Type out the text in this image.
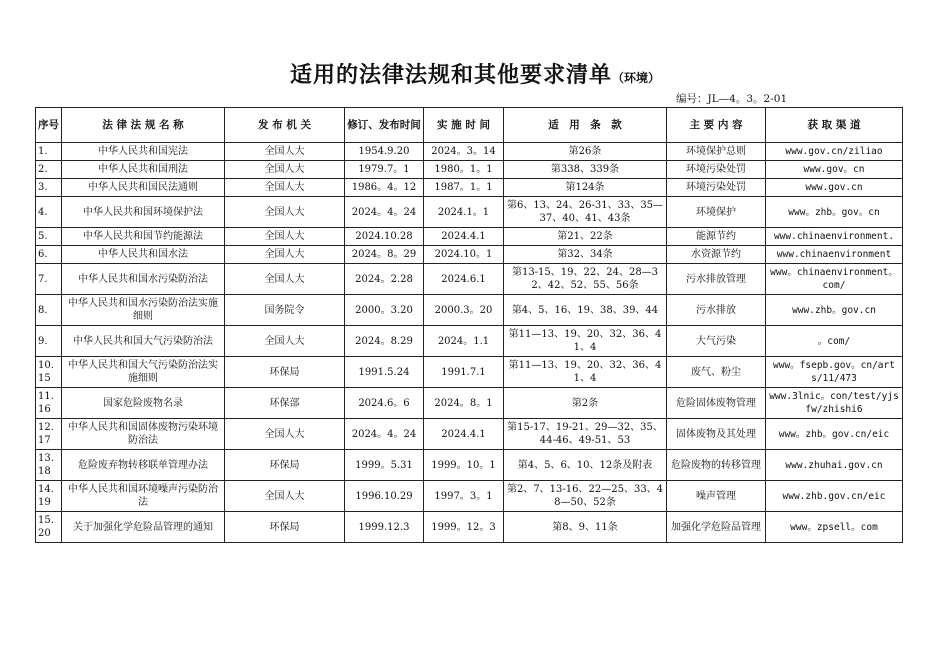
适用的法律法规和其他要求清单（环境）
编号：JL—4。3。2-01
序号	法 律 法 规 名 称	发 布 机 关	修订、发布时间	实 施 时 间	适　用　条　款	主 要 内 容	获 取 渠 道
1.	中华人民共和国宪法	全国人大	1954.9.20	2024。3。14	第26条	环境保护总则	www.gov.cn/ziliao
2.	中华人民共和国刑法	全国人大	1979.7。1	1980。1。1	第338、339条	环境污染处罚	www.gov。cn
3.	中华人民共和国民法通则	全国人大	1986。4。12	1987。1。1	第124条	环境污染处罚	www.gov.cn
4.	中华人民共和国环境保护法	全国人大	2024。4。24	2024.1。1	第6、13、24、26-31、33、35—37、40、41、43条	环境保护	www。zhb。gov。cn
5.	中华人民共和国节约能源法	全国人大	2024.10.28	2024.4.1	第21、22条	能源节约	www.chinaenvironment.
6.	中华人民共和国水法	全国人大	2024。8。29	2024.10。1	第32、34条	水资源节约	www.chinaenvironment
7.	中华人民共和国水污染防治法	全国人大	2024。2.28	2024.6.1	第13-15、19、22、24、28—32、42、52、55、56条	污水排放管理	www。chinaenvironment。com/
8.	中华人民共和国水污染防治法实施细则	国务院令	2000。3.20	2000.3。20	第4、5、16、19、38、39、44	污水排放	www.zhb。gov.cn
9.	中华人民共和国大气污染防治法	全国人大	2024。8.29	2024。1.1	第11—13、19、20、32、36、41、4	大气污染	。com/
10.15	中华人民共和国大气污染防治法实施细则	环保局	1991.5.24	1991.7.1	第11—13、19、20、32、36、41、4	废气、粉尘	www。fsepb.gov。cn/arts/11/473
11.16	国家危险废物名录	环保部	2024.6。6	2024。8。1	第2条	危险固体废物管理	www.3lnic。con/test/yjsfw/zhishi6
12.17	中华人民共和国固体废物污染环境防治法	全国人大	2024。4。24	2024.4.1	第15-17、19-21、29—32、35、44-46、49-51、53	固体废物及其处理	www。zhb。gov.cn/eic
13.18	危险废弃物转移联单管理办法	环保局	1999。5.31	1999。10。1	第4、5、6、10、12条及附表	危险废物的转移管理	www.zhuhai.gov.cn
14.19	中华人民共和国环境噪声污染防治法	全国人大	1996.10.29	1997。3。1	第2、7、13-16、22—25、33、48—50、52条	噪声管理	www.zhb.gov.cn/eic
15.20	关于加强化学危险品管理的通知	环保局	1999.12.3	1999。12。3	第8、9、11条	加强化学危险品管理	www。zpsell。com
